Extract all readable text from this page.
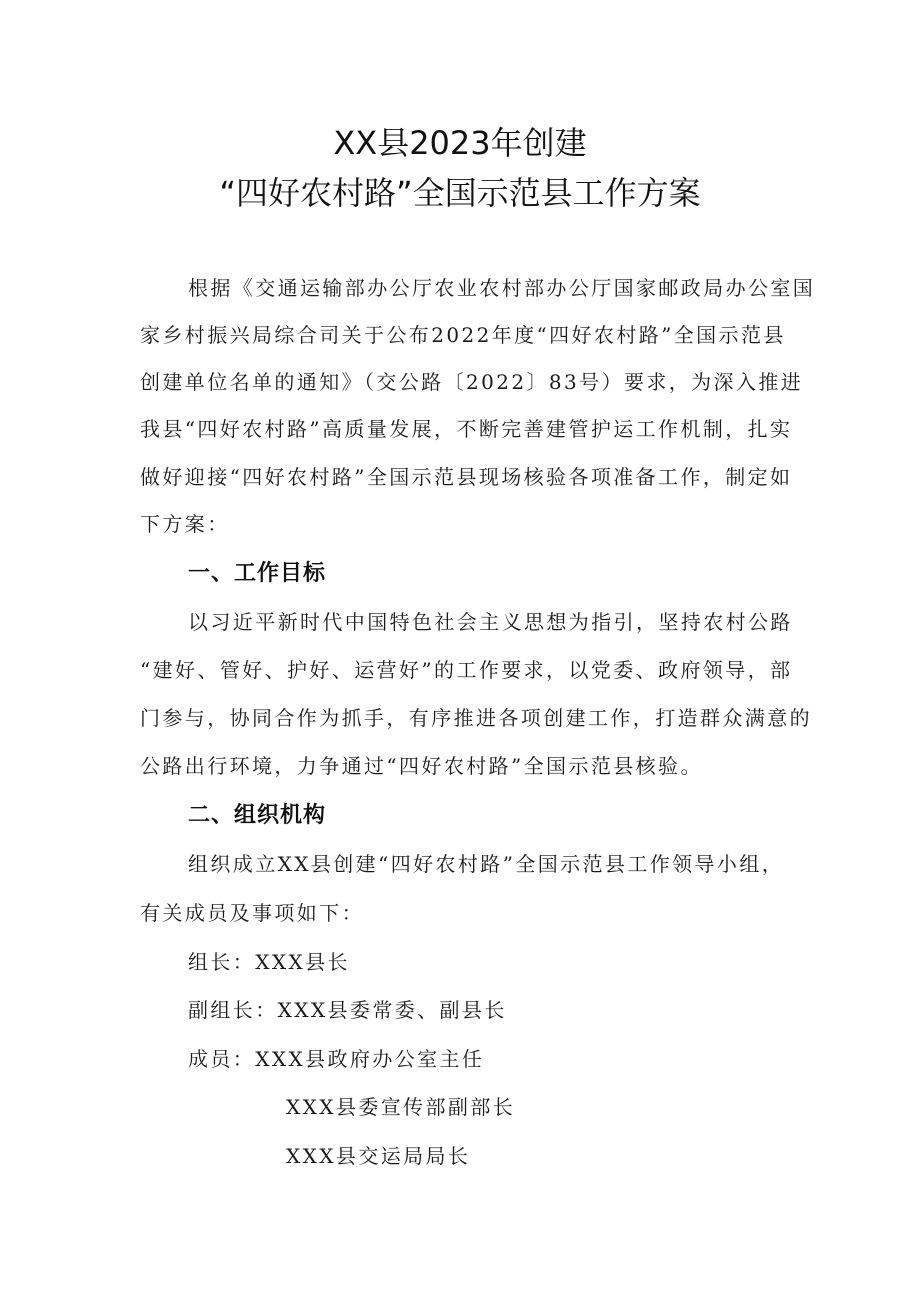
XX县2023年创建
“四好农村路”全国示范县工作方案
根据《交通运输部办公厅农业农村部办公厅国家邮政局办公室国
家乡村振兴局综合司关于公布2022年度“四好农村路”全国示范县
创建单位名单的通知》（交公路〔2022〕83号）要求，为深入推进
我县“四好农村路”高质量发展，不断完善建管护运工作机制，扎实
做好迎接“四好农村路”全国示范县现场核验各项准备工作，制定如
下方案：
一、工作目标
以习近平新时代中国特色社会主义思想为指引，坚持农村公路
“建好、管好、护好、运营好”的工作要求，以党委、政府领导，部
门参与，协同合作为抓手，有序推进各项创建工作，打造群众满意的
公路出行环境，力争通过“四好农村路”全国示范县核验。
二、组织机构
组织成立XX县创建“四好农村路”全国示范县工作领导小组，
有关成员及事项如下：
组长：XXX县长
副组长：XXX县委常委、副县长
成员：XXX县政府办公室主任
XXX县委宣传部副部长
XXX县交运局局长
